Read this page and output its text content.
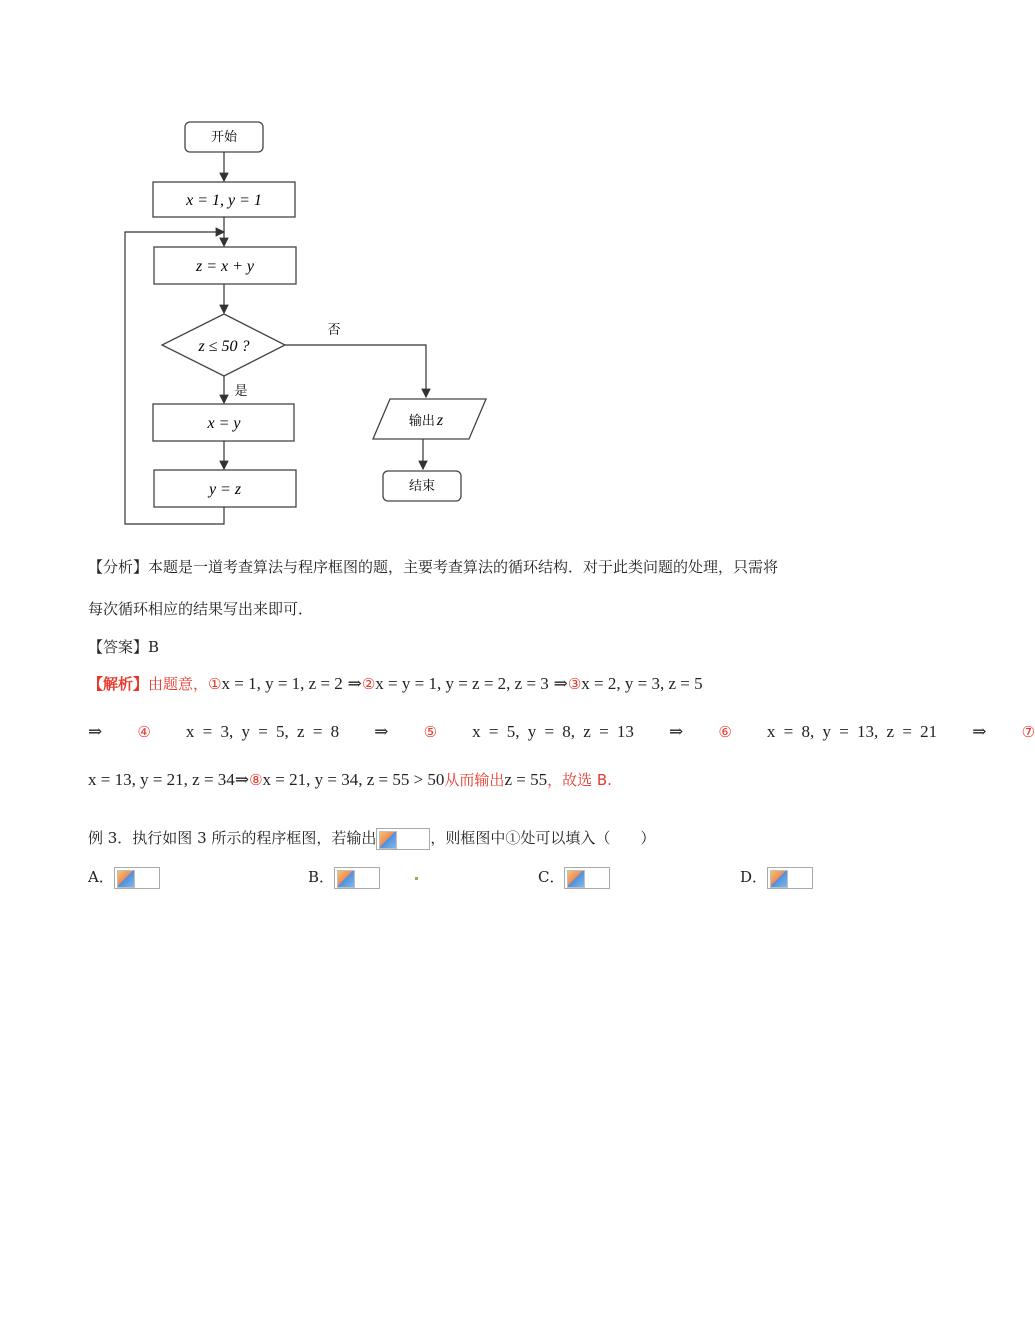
开始
x = 1, y = 1
z = x + y
z ≤ 50 ?
否
是
x = y
y = z
输出 z
结束
【分析】本题是一道考查算法与程序框图的题，主要考查算法的循环结构．对于此类问题的处理，只需将
每次循环相应的结果写出来即可．
【答案】B
【解析】由题意，①x = 1, y = 1, z = 2 ⇒②x = y = 1, y = z = 2, z = 3 ⇒③x = 2, y = 3, z = 5
⇒ ④ x = 3, y = 5, z = 8 ⇒ ⑤ x = 5, y = 8, z = 13 ⇒ ⑥ x = 8, y = 13, z = 21 ⇒ ⑦
x = 13, y = 21, z = 34⇒⑧x = 21, y = 34, z = 55 > 50从而输出z = 55，故选 B.
例 3．执行如图 3 所示的程序框图，若输出	，则框图中①处可以填入（　　）
A．	B．	C．	D．
